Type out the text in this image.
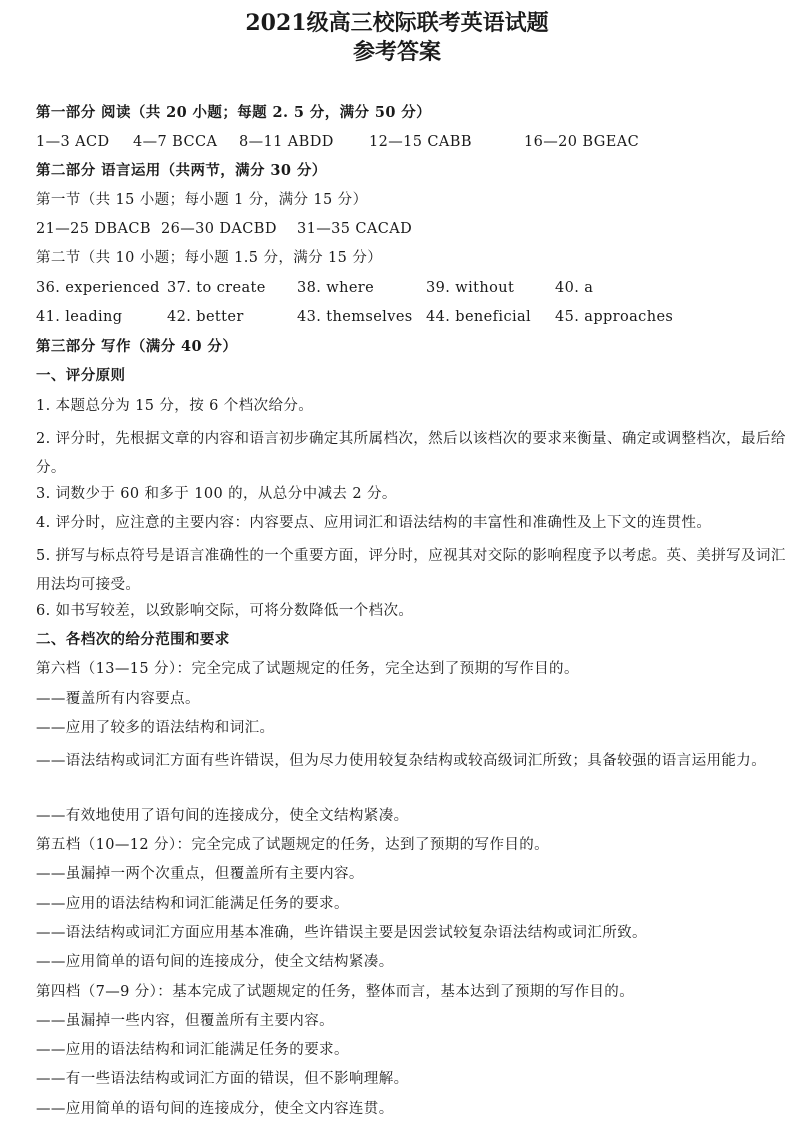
2021级高三校际联考英语试题
参考答案
第一部分 阅读（共 20 小题；每题 2. 5 分，满分 50 分）
1—3 ACD 4—7 BCCA 8—11 ABDD 12—15 CABB	16—20 BGEAC
第二部分 语言运用（共两节，满分 30 分）
第一节（共 15 小题；每小题 1 分，满分 15 分）
21—25 DBACB 26—30 DACBD 31—35 CACAD
第二节（共 10 小题；每小题 1.5 分，满分 15 分）
36. experienced 37. to create 38. where	39. without	40. a
41. leading	42. better	43. themselves 44. beneficial 45. approaches
第三部分 写作（满分 40 分）
一、评分原则
1. 本题总分为 15 分，按 6 个档次给分。
2. 评分时，先根据文章的内容和语言初步确定其所属档次，然后以该档次的要求来衡量、确定或调整档次，最后给分。
3. 词数少于 60 和多于 100 的，从总分中减去 2 分。
4. 评分时，应注意的主要内容：内容要点、应用词汇和语法结构的丰富性和准确性及上下文的连贯性。
5. 拼写与标点符号是语言准确性的一个重要方面，评分时，应视其对交际的影响程度予以考虑。英、美拼写及词汇用法均可接受。
6. 如书写较差，以致影响交际，可将分数降低一个档次。
二、各档次的给分范围和要求
第六档（13—15 分）：完全完成了试题规定的任务，完全达到了预期的写作目的。
——覆盖所有内容要点。
——应用了较多的语法结构和词汇。
——语法结构或词汇方面有些许错误，但为尽力使用较复杂结构或较高级词汇所致；具备较强的语言运用能力。
——有效地使用了语句间的连接成分，使全文结构紧凑。
第五档（10—12 分）：完全完成了试题规定的任务，达到了预期的写作目的。
——虽漏掉一两个次重点，但覆盖所有主要内容。
——应用的语法结构和词汇能满足任务的要求。
——语法结构或词汇方面应用基本准确，些许错误主要是因尝试较复杂语法结构或词汇所致。
——应用简单的语句间的连接成分，使全文结构紧凑。
第四档（7—9 分）：基本完成了试题规定的任务，整体而言，基本达到了预期的写作目的。
——虽漏掉一些内容，但覆盖所有主要内容。
——应用的语法结构和词汇能满足任务的要求。
——有一些语法结构或词汇方面的错误，但不影响理解。
——应用简单的语句间的连接成分，使全文内容连贯。
